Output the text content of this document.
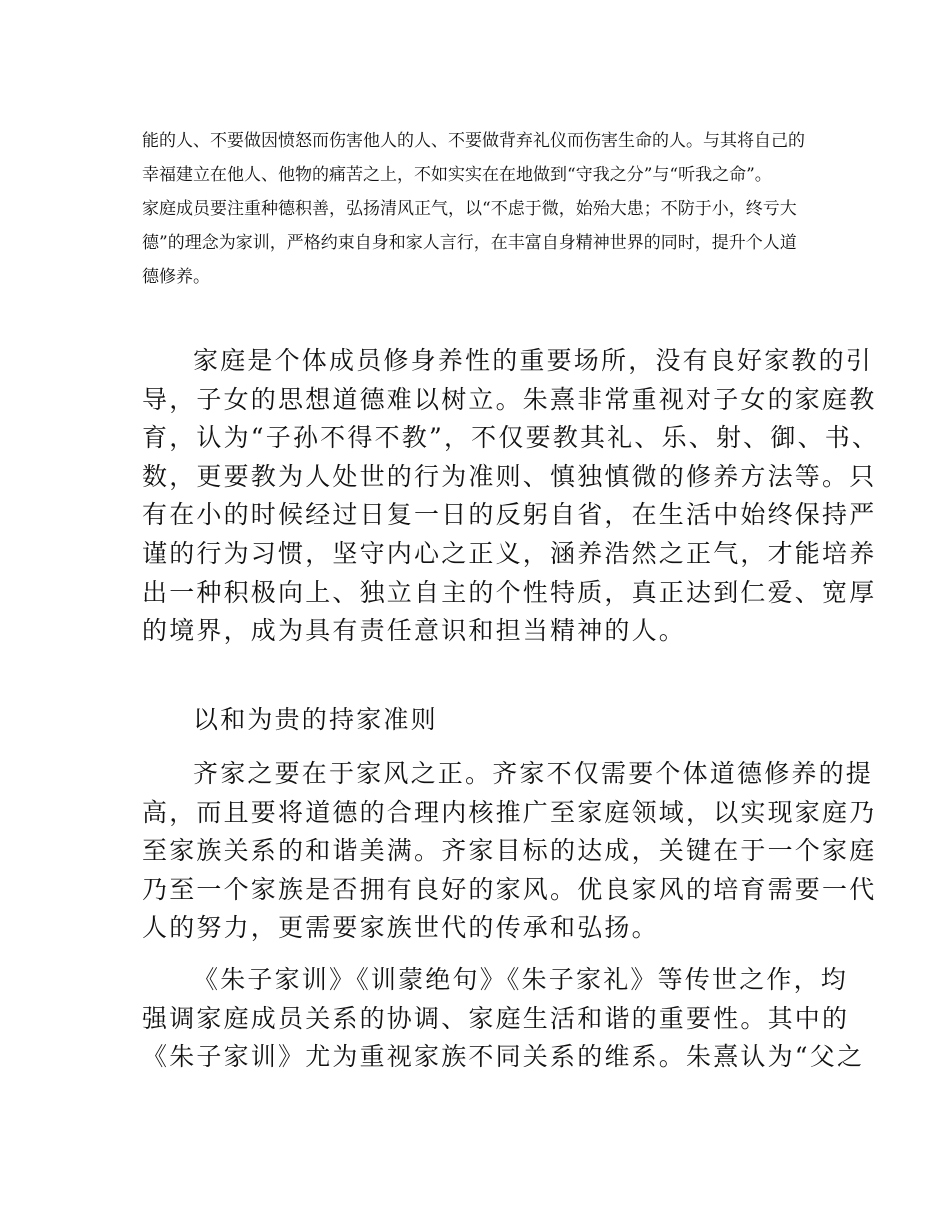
能的人、不要做因愤怒而伤害他人的人、不要做背弃礼仪而伤害生命的人。与其将自己的
幸福建立在他人、他物的痛苦之上，不如实实在在地做到“守我之分”与“听我之命”。
家庭成员要注重种德积善，弘扬清风正气，以“不虑于微，始殆大患；不防于小，终亏大
德”的理念为家训，严格约束自身和家人言行，在丰富自身精神世界的同时，提升个人道
德修养。
家庭是个体成员修身养性的重要场所，没有良好家教的引
导，子女的思想道德难以树立。朱熹非常重视对子女的家庭教
育，认为“子孙不得不教”，不仅要教其礼、乐、射、御、书、
数，更要教为人处世的行为准则、慎独慎微的修养方法等。只
有在小的时候经过日复一日的反躬自省，在生活中始终保持严
谨的行为习惯，坚守内心之正义，涵养浩然之正气，才能培养
出一种积极向上、独立自主的个性特质，真正达到仁爱、宽厚
的境界，成为具有责任意识和担当精神的人。
以和为贵的持家准则
齐家之要在于家风之正。齐家不仅需要个体道德修养的提
高，而且要将道德的合理内核推广至家庭领域，以实现家庭乃
至家族关系的和谐美满。齐家目标的达成，关键在于一个家庭
乃至一个家族是否拥有良好的家风。优良家风的培育需要一代
人的努力，更需要家族世代的传承和弘扬。
《朱子家训》《训蒙绝句》《朱子家礼》等传世之作，均
强调家庭成员关系的协调、家庭生活和谐的重要性。其中的
《朱子家训》尤为重视家族不同关系的维系。朱熹认为“父之
